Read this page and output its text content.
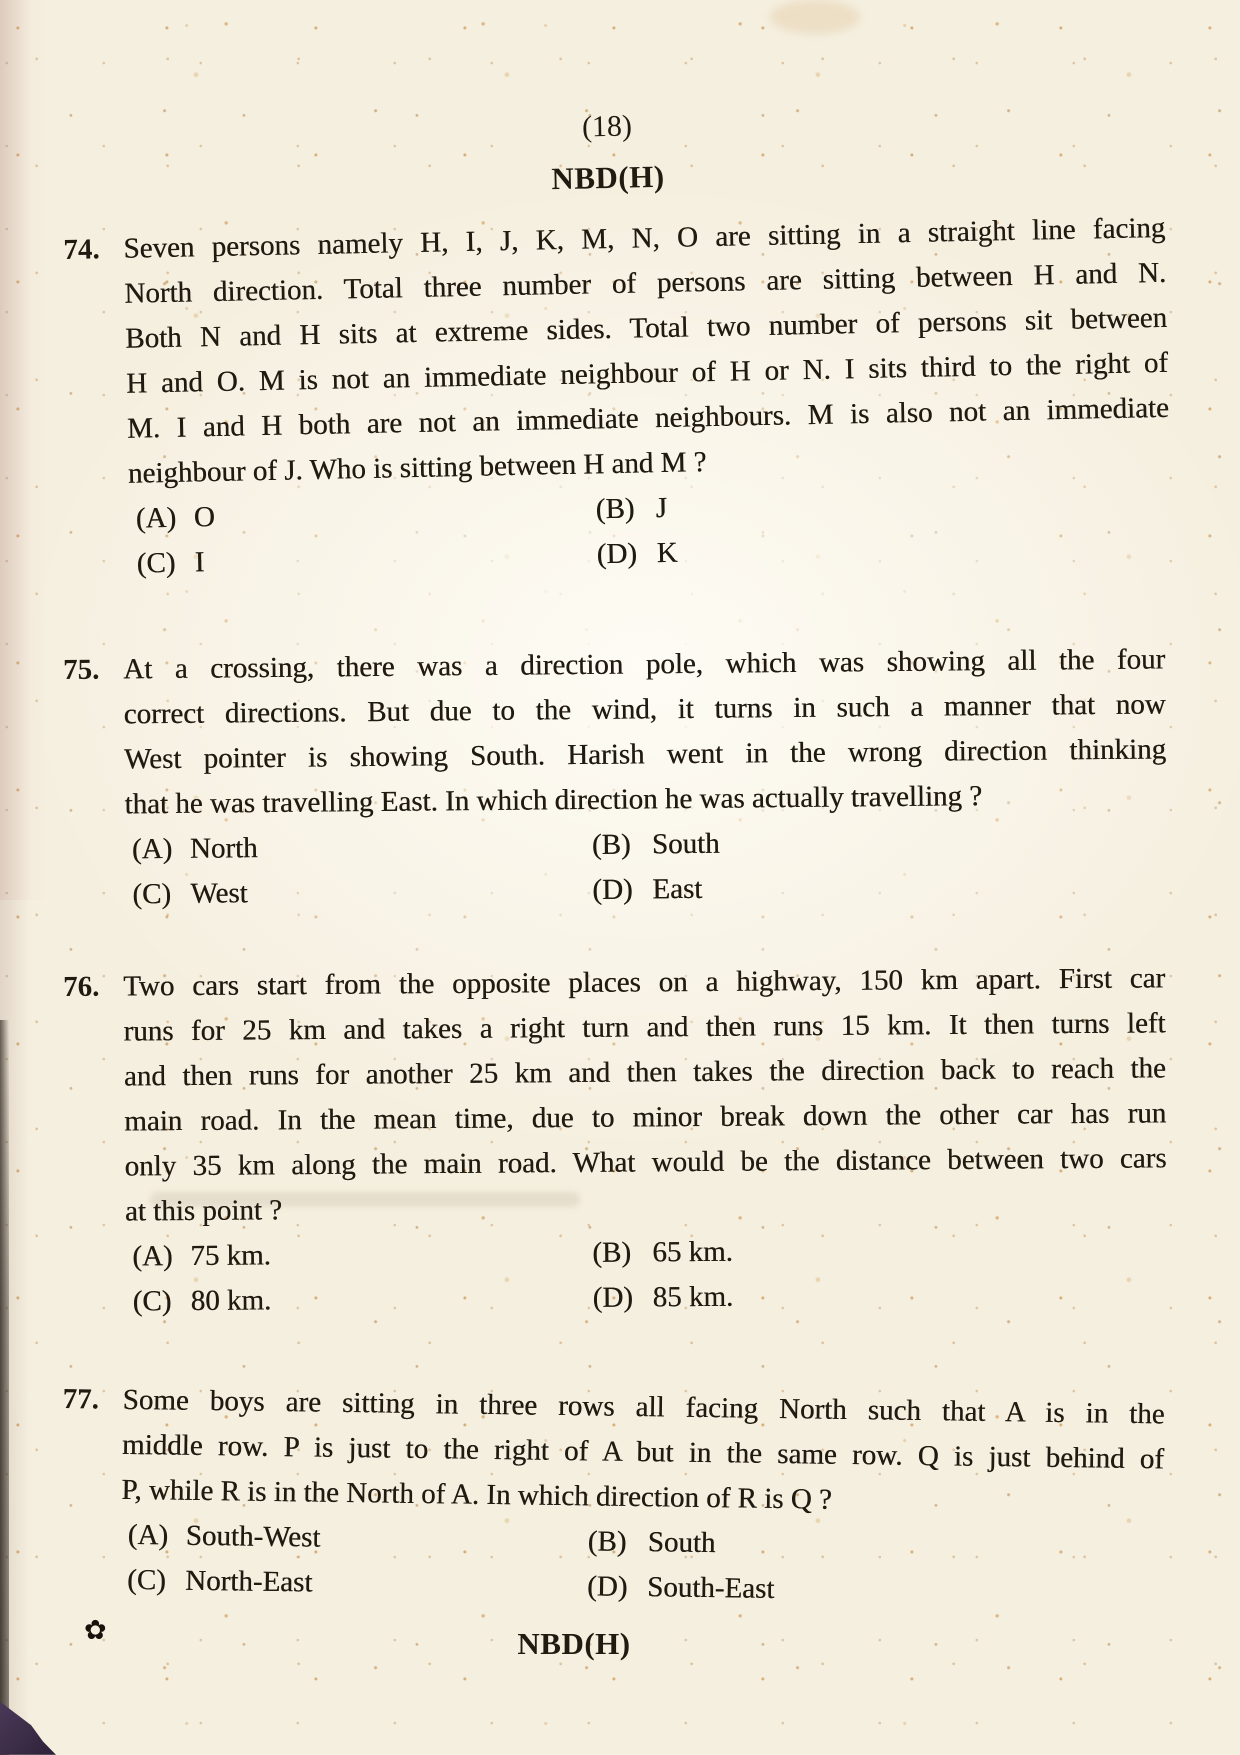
(18)
NBD(H)
74. Seven persons namely H, I, J, K, M, N, O are sitting in a straight line facing
North direction. Total three number of persons are sitting between H and N.
Both N and H sits at extreme sides. Total two number of persons sit between
H and O. M is not an immediate neighbour of H or N. I sits third to the right of
M. I and H both are not an immediate neighbours. M is also not an immediate
neighbour of J. Who is sitting between H and M ?
(A) O	(B) J
(C) I	(D) K
75. At a crossing, there was a direction pole, which was showing all the four
correct directions. But due to the wind, it turns in such a manner that now
West pointer is showing South. Harish went in the wrong direction thinking
that he was travelling East. In which direction he was actually travelling ?
(A) North	(B) South
(C) West	(D) East
76. Two cars start from the opposite places on a highway, 150 km apart. First car
runs for 25 km and takes a right turn and then runs 15 km. It then turns left
and then runs for another 25 km and then takes the direction back to reach the
main road. In the mean time, due to minor break down the other car has run
only 35 km along the main road. What would be the distance between two cars
at this point ?
(A) 75 km.	(B) 65 km.
(C) 80 km.	(D) 85 km.
77. Some boys are sitting in three rows all facing North such that A is in the
middle row. P is just to the right of A but in the same row. Q is just behind of
P, while R is in the North of A. In which direction of R is Q ?
(A) South-West	(B) South
(C) North-East	(D) South-East
✿	NBD(H)
